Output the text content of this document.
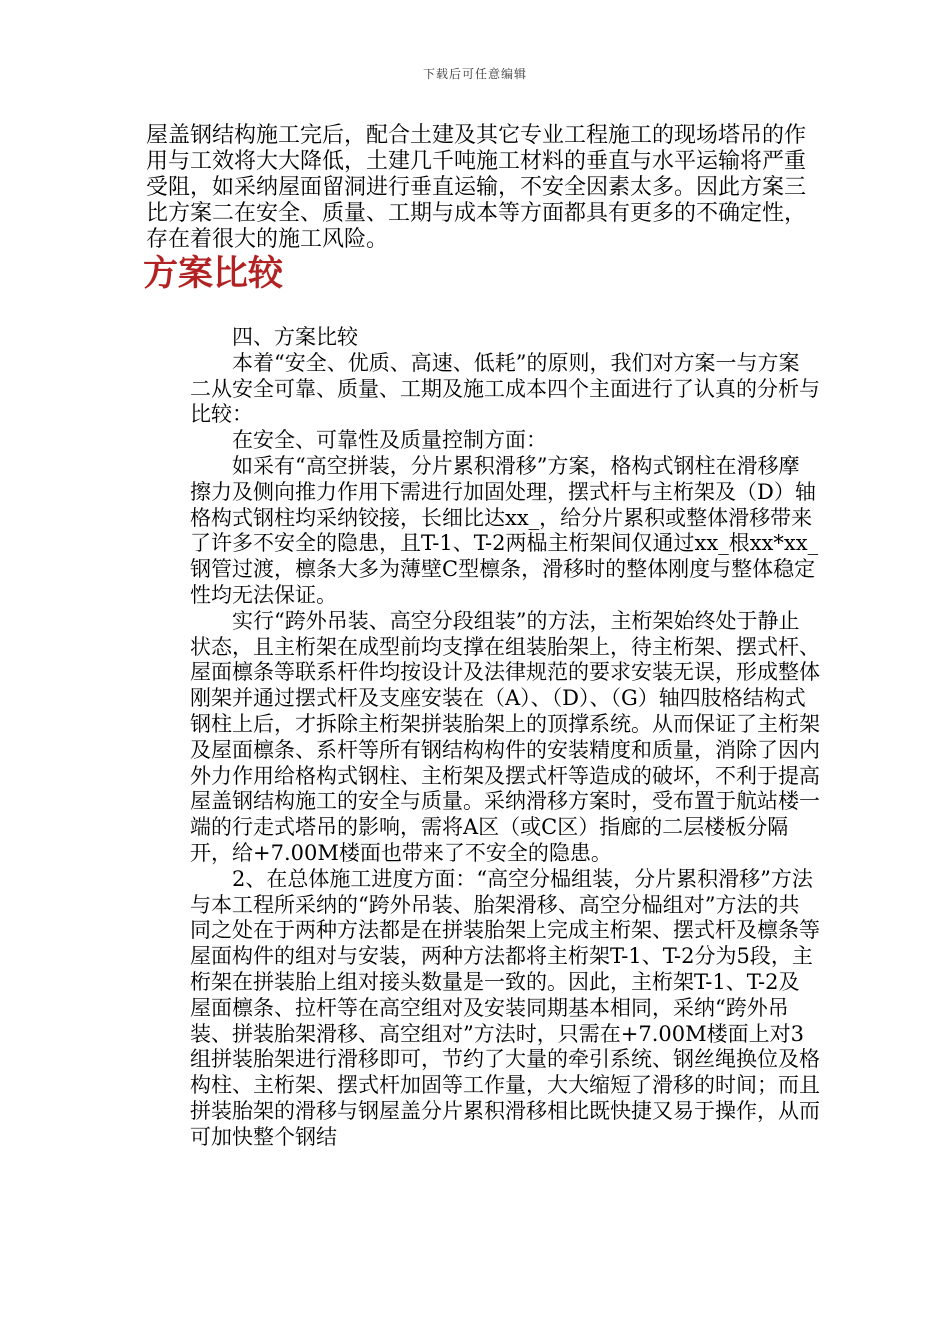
下载后可任意编辑

屋盖钢结构施工完后，配合土建及其它专业工程施工的现场塔吊的作用与工效将大大降低，土建几千吨施工材料的垂直与水平运输将严重受阻，如采纳屋面留洞进行垂直运输，不安全因素太多。因此方案三比方案二在安全、质量、工期与成本等方面都具有更多的不确定性，存在着很大的施工风险。

方案比较

四、方案比较

本着“安全、优质、高速、低耗”的原则，我们对方案一与方案二从安全可靠、质量、工期及施工成本四个主面进行了认真的分析与比较：

在安全、可靠性及质量控制方面：

如采有“高空拼装，分片累积滑移”方案，格构式钢柱在滑移摩擦力及侧向推力作用下需进行加固处理，摆式杆与主桁架及（D）轴格构式钢柱均采纳铰接，长细比达xx_，给分片累积或整体滑移带来了许多不安全的隐患，且T-1、T-2两榀主桁架间仅通过xx_根xx*xx_钢管过渡，檩条大多为薄壁C型檩条，滑移时的整体刚度与整体稳定性均无法保证。

实行“跨外吊装、高空分段组装”的方法，主桁架始终处于静止状态，且主桁架在成型前均支撑在组装胎架上，待主桁架、摆式杆、屋面檩条等联系杆件均按设计及法律规范的要求安装无误，形成整体刚架并通过摆式杆及支座安装在（A）、（D）、（G）轴四肢格结构式钢柱上后，才拆除主桁架拼装胎架上的顶撑系统。从而保证了主桁架及屋面檩条、系杆等所有钢结构构件的安装精度和质量，消除了因内外力作用给格构式钢柱、主桁架及摆式杆等造成的破坏，不利于提高屋盖钢结构施工的安全与质量。采纳滑移方案时，受布置于航站楼一端的行走式塔吊的影响，需将A区（或C区）指廊的二层楼板分隔开，给+7.00M楼面也带来了不安全的隐患。

2、在总体施工进度方面：“高空分榀组装，分片累积滑移”方法与本工程所采纳的“跨外吊装、胎架滑移、高空分榀组对”方法的共同之处在于两种方法都是在拼装胎架上完成主桁架、摆式杆及檩条等屋面构件的组对与安装，两种方法都将主桁架T-1、T-2分为5段，主桁架在拼装胎上组对接头数量是一致的。因此，主桁架T-1、T-2及屋面檩条、拉杆等在高空组对及安装同期基本相同，采纳“跨外吊装、拼装胎架滑移、高空组对”方法时，只需在+7.00M楼面上对3组拼装胎架进行滑移即可，节约了大量的牵引系统、钢丝绳换位及格构柱、主桁架、摆式杆加固等工作量，大大缩短了滑移的时间；而且拼装胎架的滑移与钢屋盖分片累积滑移相比既快捷又易于操作，从而可加快整个钢结
